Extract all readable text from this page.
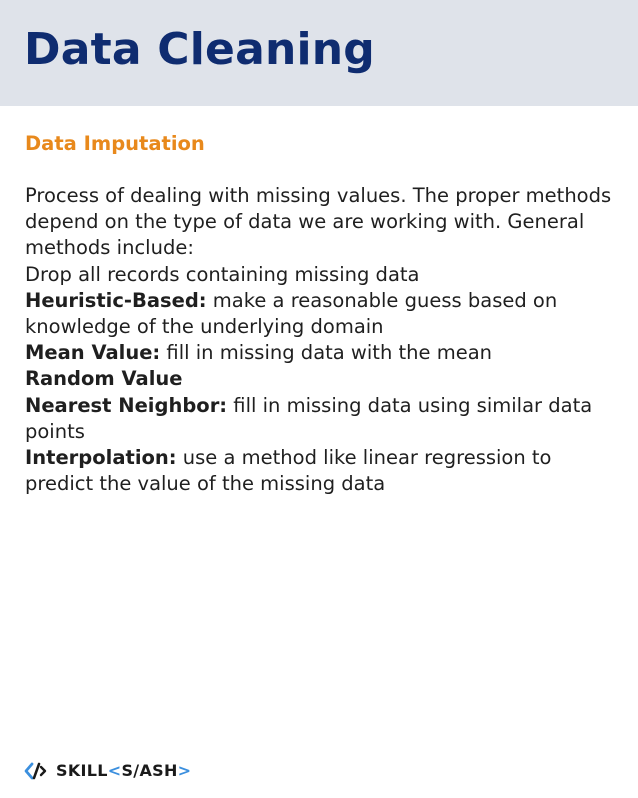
Data Cleaning
Data Imputation

Process of dealing with missing values. The proper methods depend on the type of data we are working with. General methods include:

Drop all records containing missing data

Heuristic-Based: make a reasonable guess based on knowledge of the underlying domain

Mean Value: fill in missing data with the mean

Random Value

Nearest Neighbor: fill in missing data using similar data points

Interpolation: use a method like linear regression to predict the value of the missing data

SKILL<S/ASH>
